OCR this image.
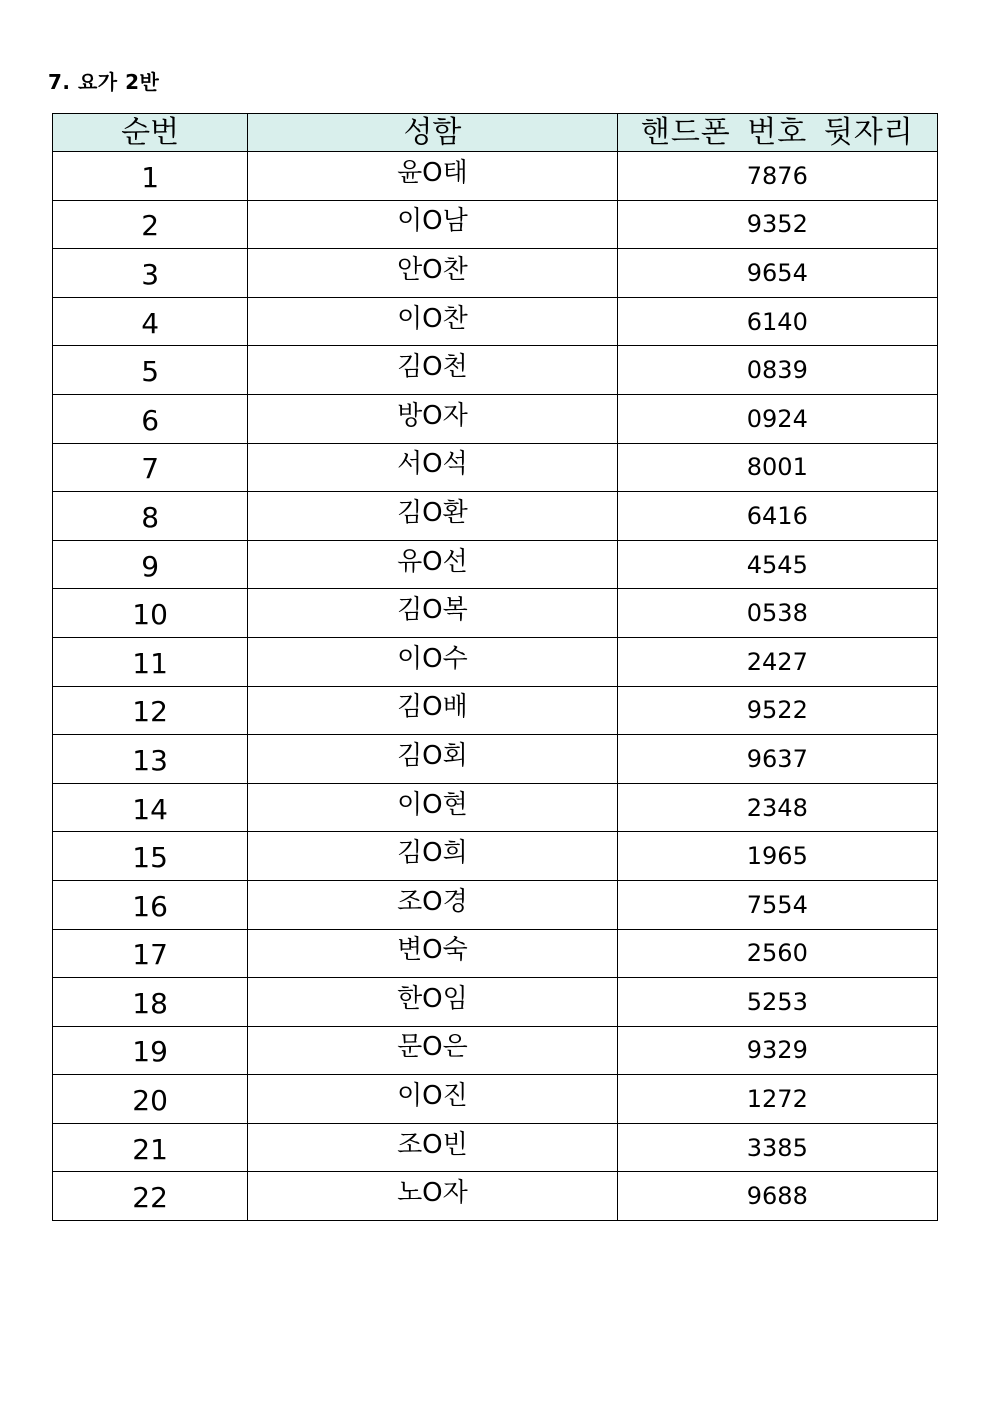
7. 요가 2반
순번	성함	핸드폰 번호 뒷자리
1	윤O태	7876
2	이O남	9352
3	안O찬	9654
4	이O찬	6140
5	김O천	0839
6	방O자	0924
7	서O석	8001
8	김O환	6416
9	유O선	4545
10	김O복	0538
11	이O수	2427
12	김O배	9522
13	김O회	9637
14	이O현	2348
15	김O희	1965
16	조O경	7554
17	변O숙	2560
18	한O임	5253
19	문O은	9329
20	이O진	1272
21	조O빈	3385
22	노O자	9688
